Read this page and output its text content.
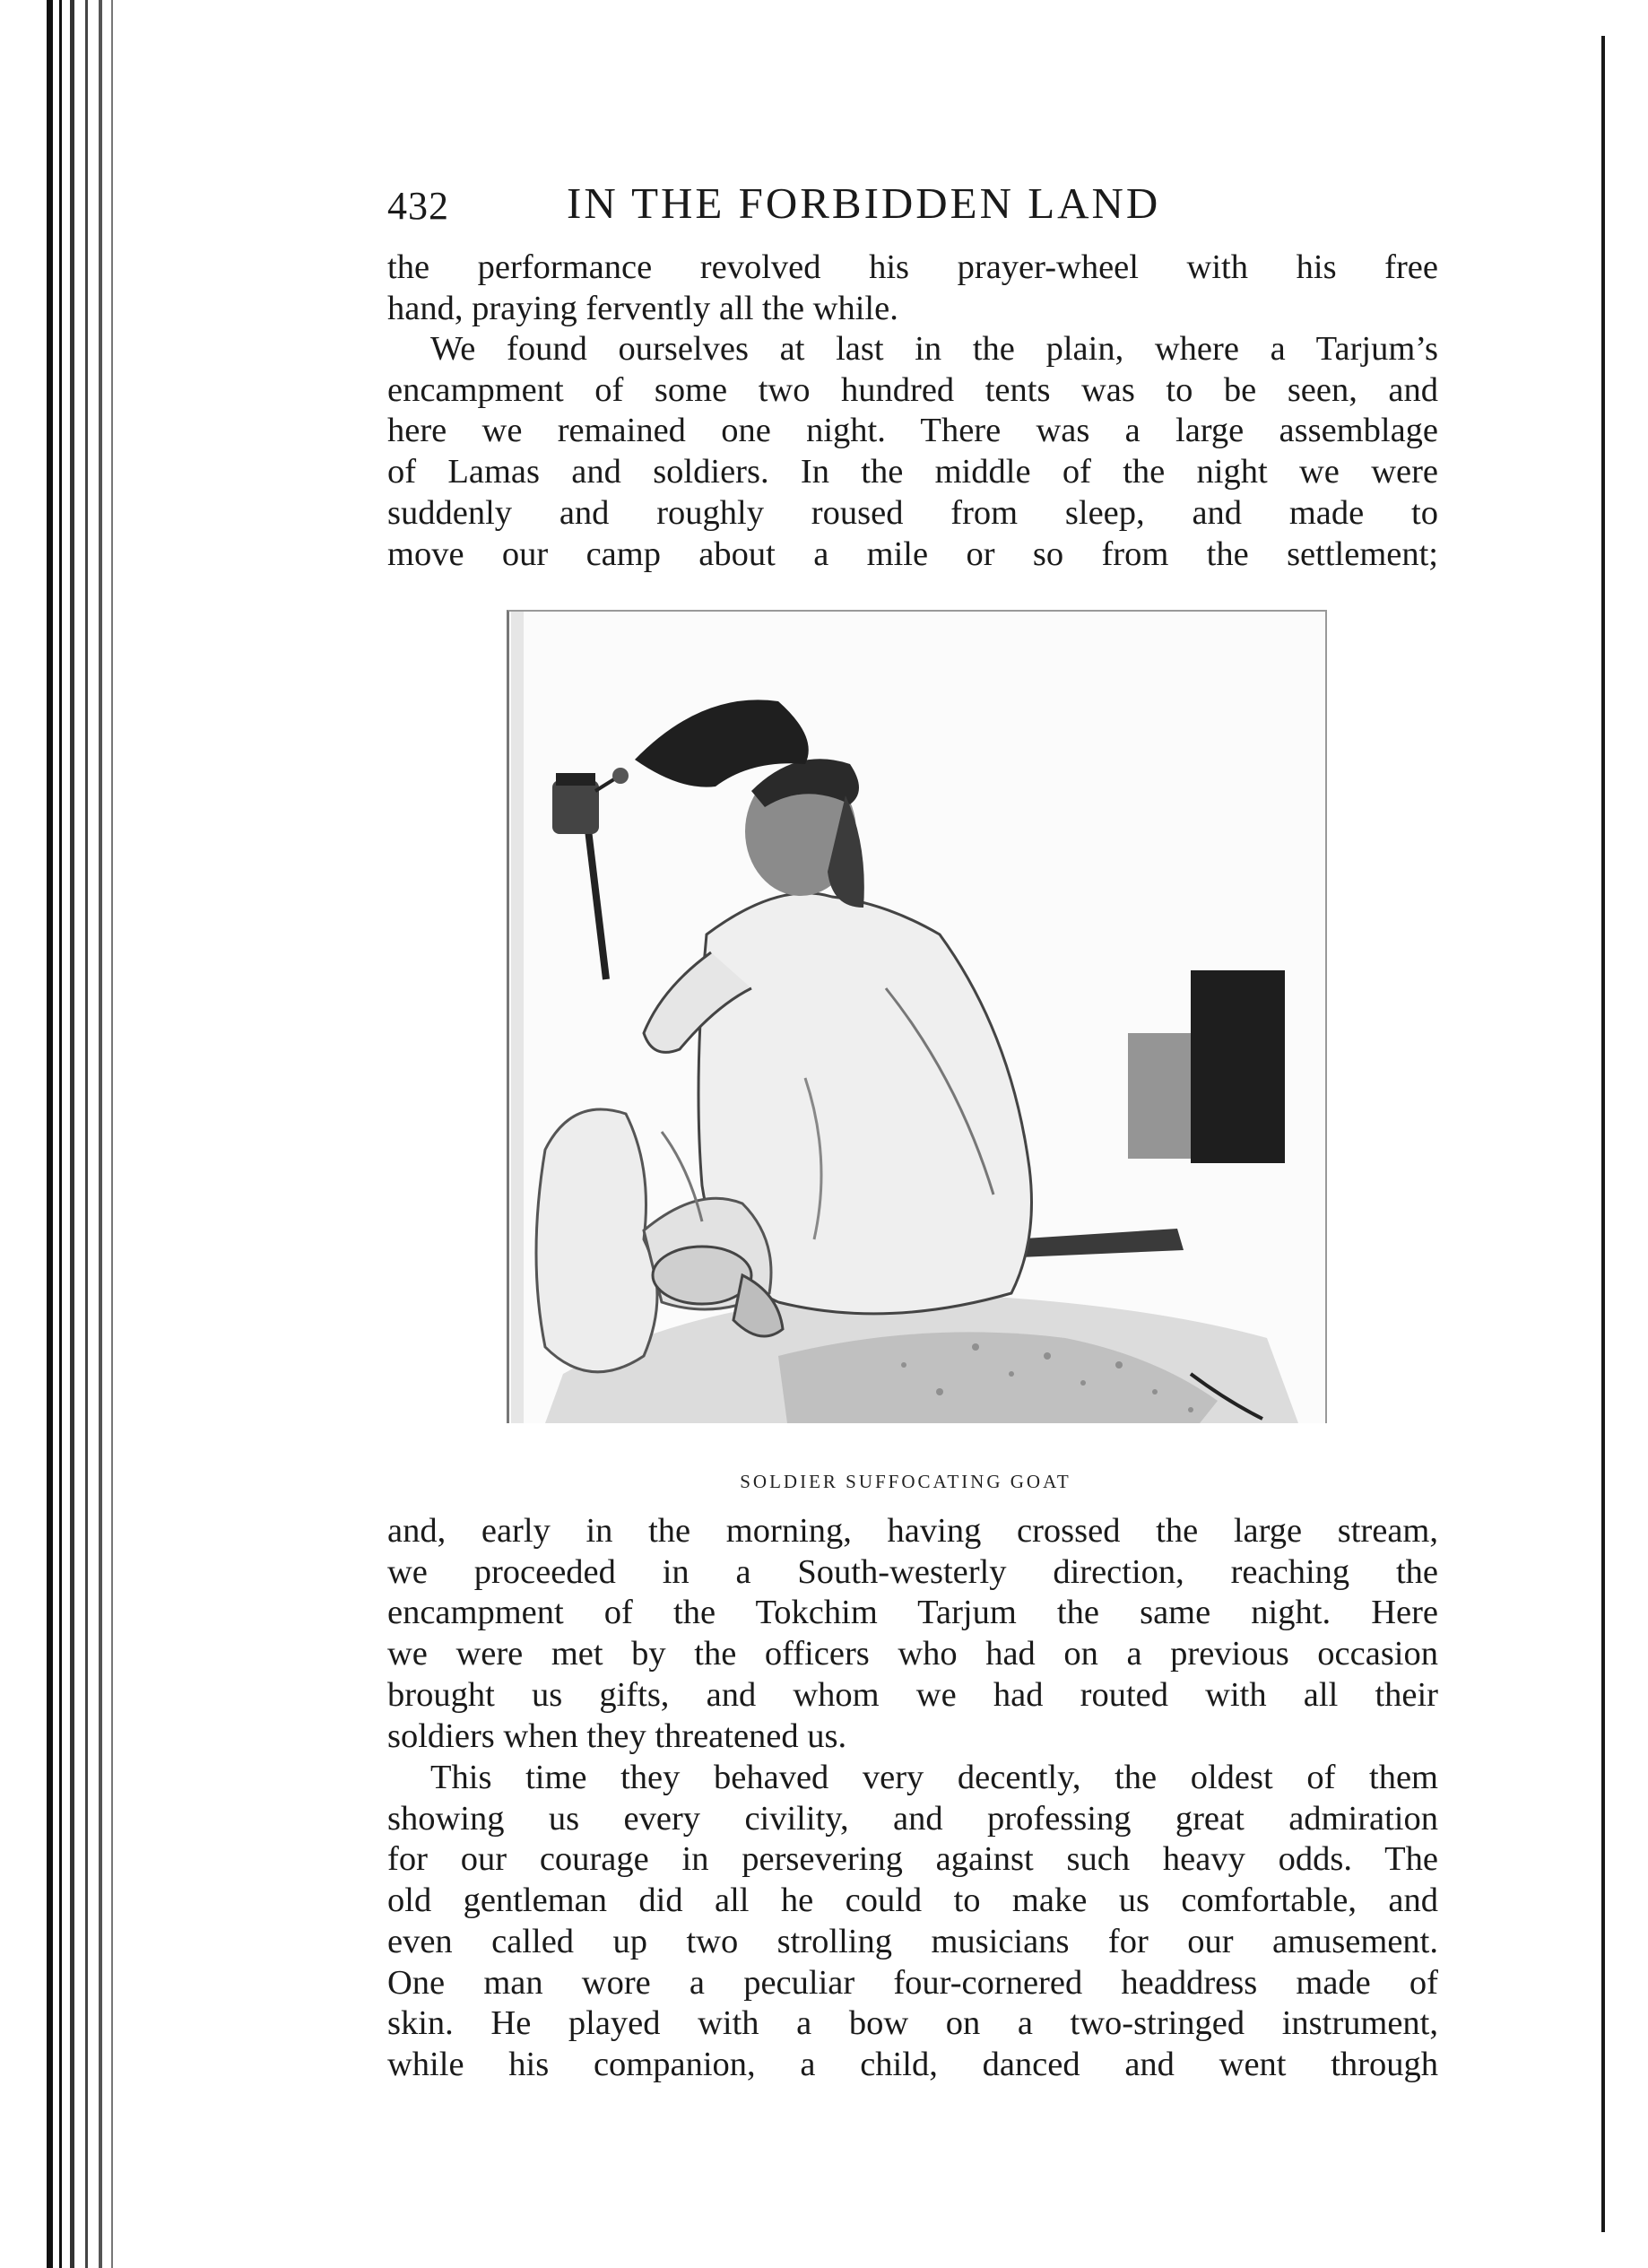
432	IN THE FORBIDDEN LAND

the performance revolved his prayer-wheel with his free
hand, praying fervently all the while.

We found ourselves at last in the plain, where a Tarjum’s
encampment of some two hundred tents was to be seen, and
here we remained one night. There was a large assemblage
of Lamas and soldiers. In the middle of the night we were
suddenly and roughly roused from sleep, and made to
move our camp about a mile or so from the settlement;

SOLDIER SUFFOCATING GOAT

and, early in the morning, having crossed the large stream,
we proceeded in a South-westerly direction, reaching the
encampment of the Tokchim Tarjum the same night. Here
we were met by the officers who had on a previous occasion
brought us gifts, and whom we had routed with all their
soldiers when they threatened us.

This time they behaved very decently, the oldest of them
showing us every civility, and professing great admiration
for our courage in persevering against such heavy odds. The
old gentleman did all he could to make us comfortable, and
even called up two strolling musicians for our amusement.
One man wore a peculiar four-cornered headdress made of
skin. He played with a bow on a two-stringed instrument,
while his companion, a child, danced and went through
